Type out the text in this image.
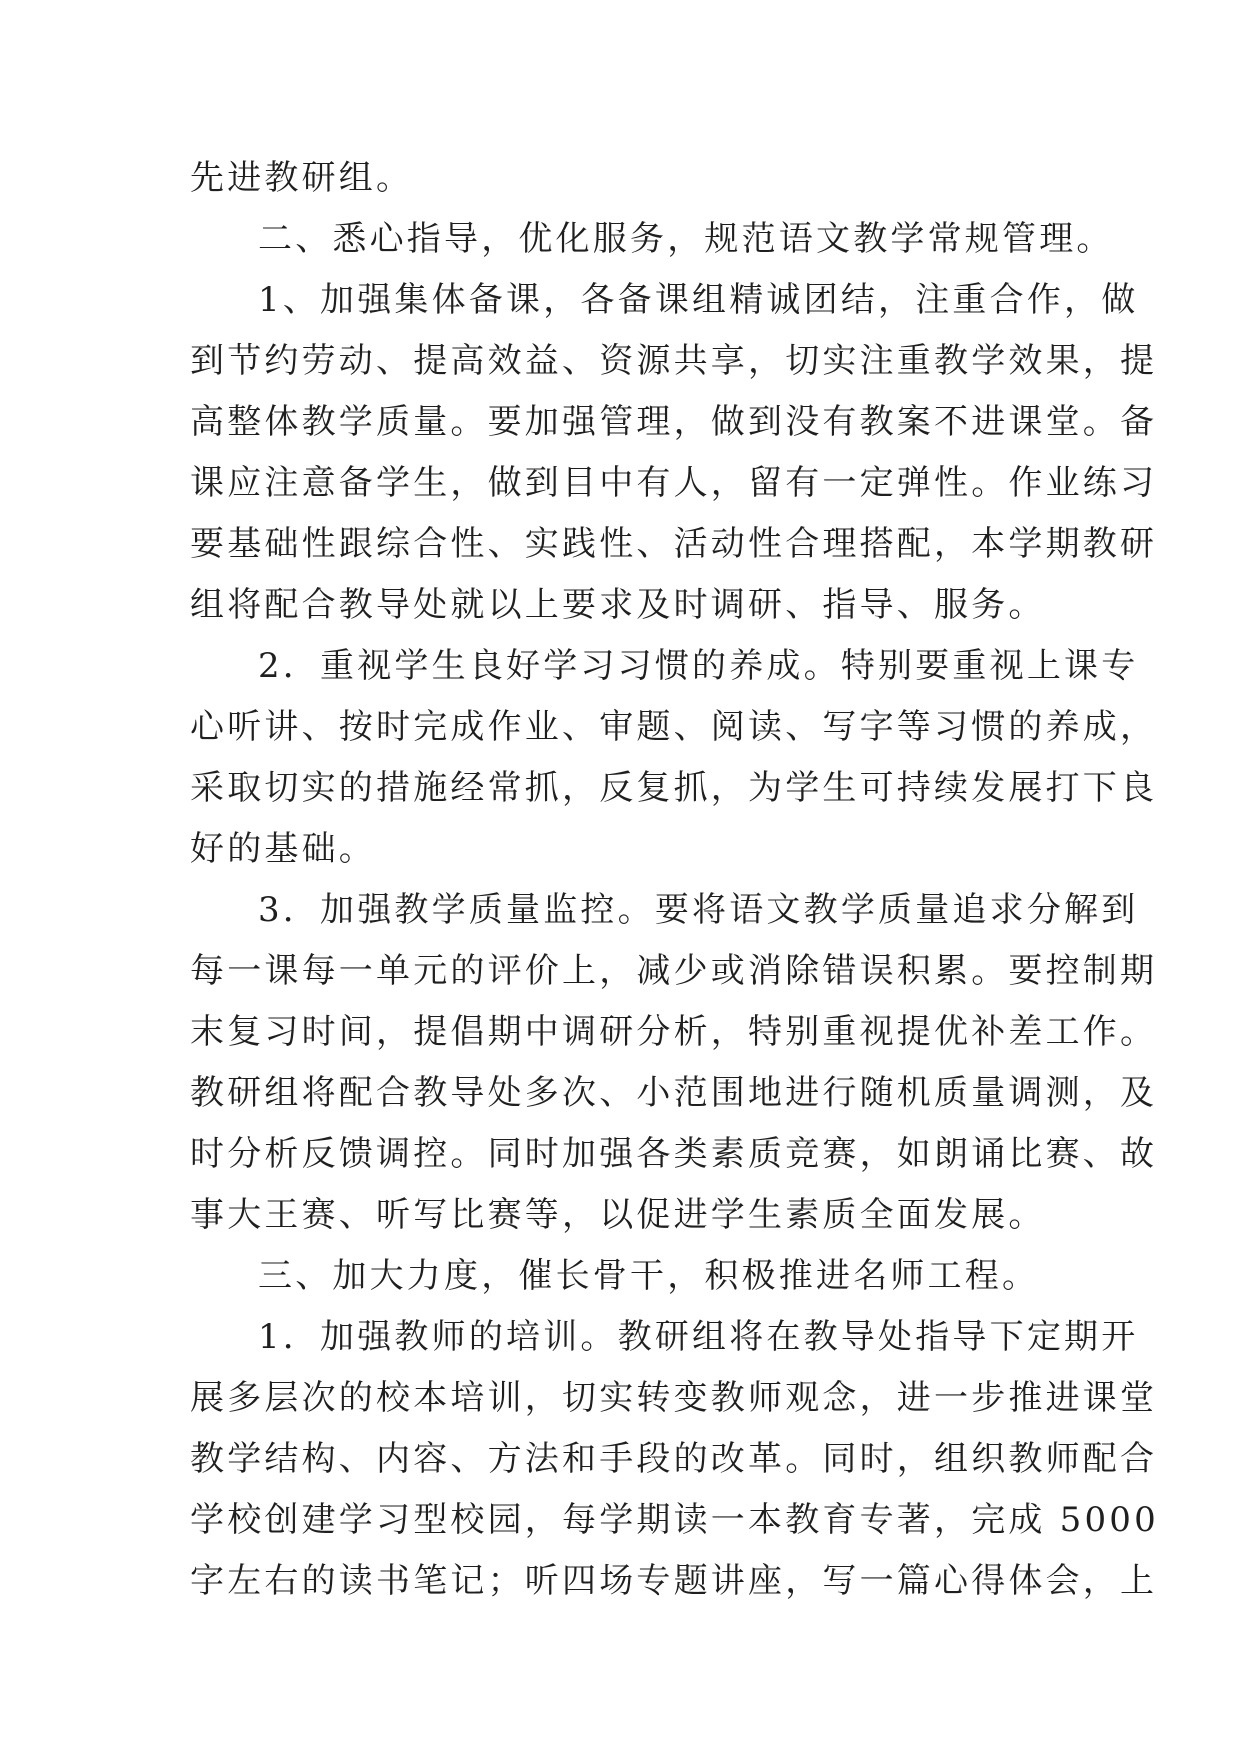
先进教研组。
二、悉心指导，优化服务，规范语文教学常规管理。
1、加强集体备课，各备课组精诚团结，注重合作，做
到节约劳动、提高效益、资源共享，切实注重教学效果，提
高整体教学质量。要加强管理，做到没有教案不进课堂。备
课应注意备学生，做到目中有人，留有一定弹性。作业练习
要基础性跟综合性、实践性、活动性合理搭配，本学期教研
组将配合教导处就以上要求及时调研、指导、服务。
2．重视学生良好学习习惯的养成。特别要重视上课专
心听讲、按时完成作业、审题、阅读、写字等习惯的养成，
采取切实的措施经常抓，反复抓，为学生可持续发展打下良
好的基础。
3．加强教学质量监控。要将语文教学质量追求分解到
每一课每一单元的评价上，减少或消除错误积累。要控制期
末复习时间，提倡期中调研分析，特别重视提优补差工作。
教研组将配合教导处多次、小范围地进行随机质量调测，及
时分析反馈调控。同时加强各类素质竞赛，如朗诵比赛、故
事大王赛、听写比赛等，以促进学生素质全面发展。
三、加大力度，催长骨干，积极推进名师工程。
1．加强教师的培训。教研组将在教导处指导下定期开
展多层次的校本培训，切实转变教师观念，进一步推进课堂
教学结构、内容、方法和手段的改革。同时，组织教师配合
学校创建学习型校园，每学期读一本教育专著，完成 5000
字左右的读书笔记；听四场专题讲座，写一篇心得体会，上
